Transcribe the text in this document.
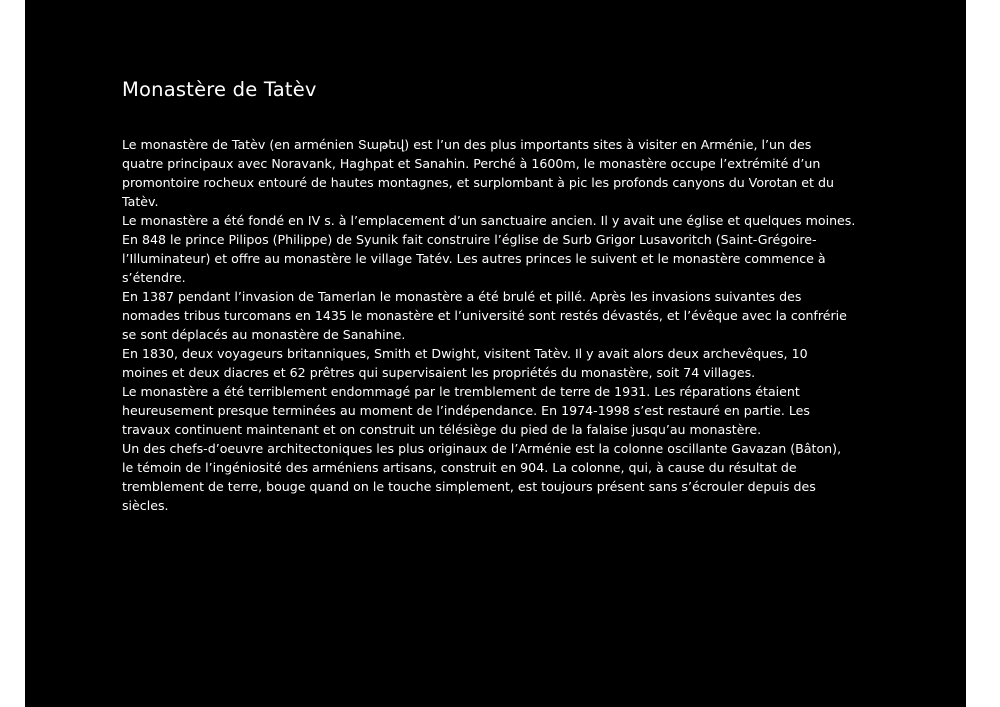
Monastère de Tatèv
Le monastère de Tatèv (en arménien Տաթեվ) est l’un des plus importants sites à visiter en Arménie, l’un des
quatre principaux avec Noravank, Haghpat et Sanahin. Perché à 1600m, le monastère occupe l’extrémité d’un
promontoire rocheux entouré de hautes montagnes, et surplombant à pic les profonds canyons du Vorotan et du
Tatèv.
Le monastère a été fondé en IV s. à l’emplacement d’un sanctuaire ancien. Il y avait une église et quelques moines.
En 848 le prince Pilipos (Philippe) de Syunik fait construire l’église de Surb Grigor Lusavoritch (Saint-Grégoire-
l’Illuminateur) et offre au monastère le village Tatév. Les autres princes le suivent et le monastère commence à
s’étendre.
En 1387 pendant l’invasion de Tamerlan le monastère a été brulé et pillé. Après les invasions suivantes des
nomades tribus turcomans en 1435 le monastère et l’université sont restés dévastés, et l’évêque avec la confrérie
se sont déplacés au monastère de Sanahine.
En 1830, deux voyageurs britanniques, Smith et Dwight, visitent Tatèv. Il y avait alors deux archevêques, 10
moines et deux diacres et 62 prêtres qui supervisaient les propriétés du monastère, soit 74 villages.
Le monastère a été terriblement endommagé par le tremblement de terre de 1931. Les réparations étaient
heureusement presque terminées au moment de l’indépendance. En 1974-1998 s’est restauré en partie. Les
travaux continuent maintenant et on construit un télésiège du pied de la falaise jusqu’au monastère.
Un des chefs-d’oeuvre architectoniques les plus originaux de l’Arménie est la colonne oscillante Gavazan (Bâton),
le témoin de l’ingéniosité des arméniens artisans, construit en 904. La colonne, qui, à cause du résultat de
tremblement de terre, bouge quand on le touche simplement, est toujours présent sans s’écrouler depuis des
siècles.
